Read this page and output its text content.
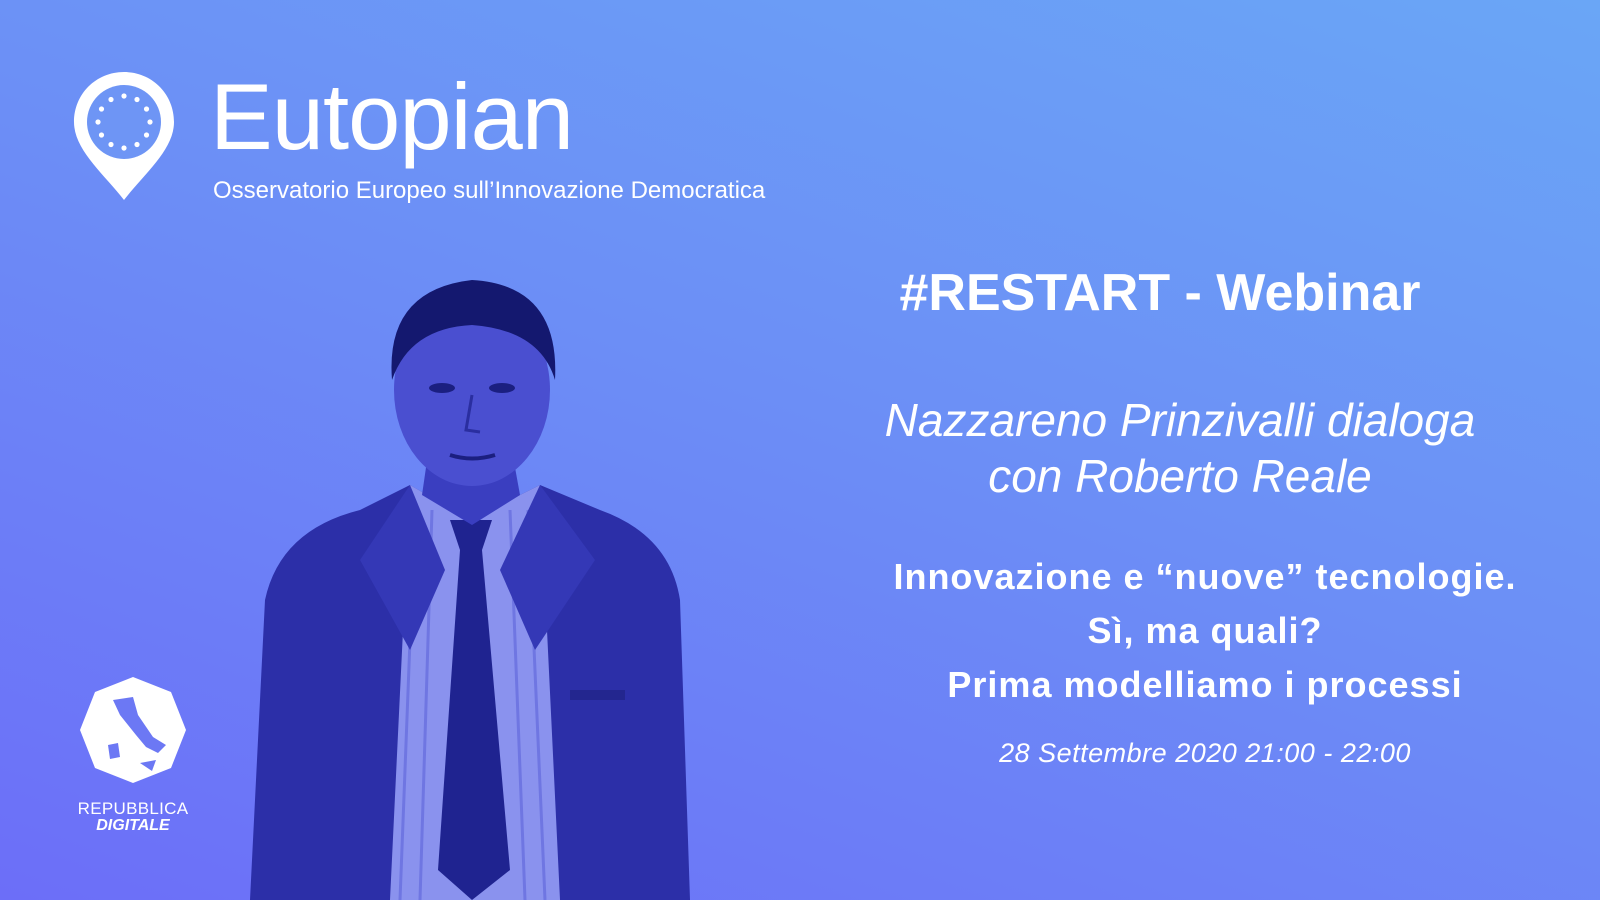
Eutopian
Osservatorio Europeo sull’Innovazione Democratica
REPUBBLICA
DIGITALE
#RESTART - Webinar
Nazzareno Prinzivalli dialoga
con Roberto Reale
Innovazione e “nuove” tecnologie.
Sì, ma quali?
Prima modelliamo i processi
28 Settembre 2020 21:00 - 22:00
